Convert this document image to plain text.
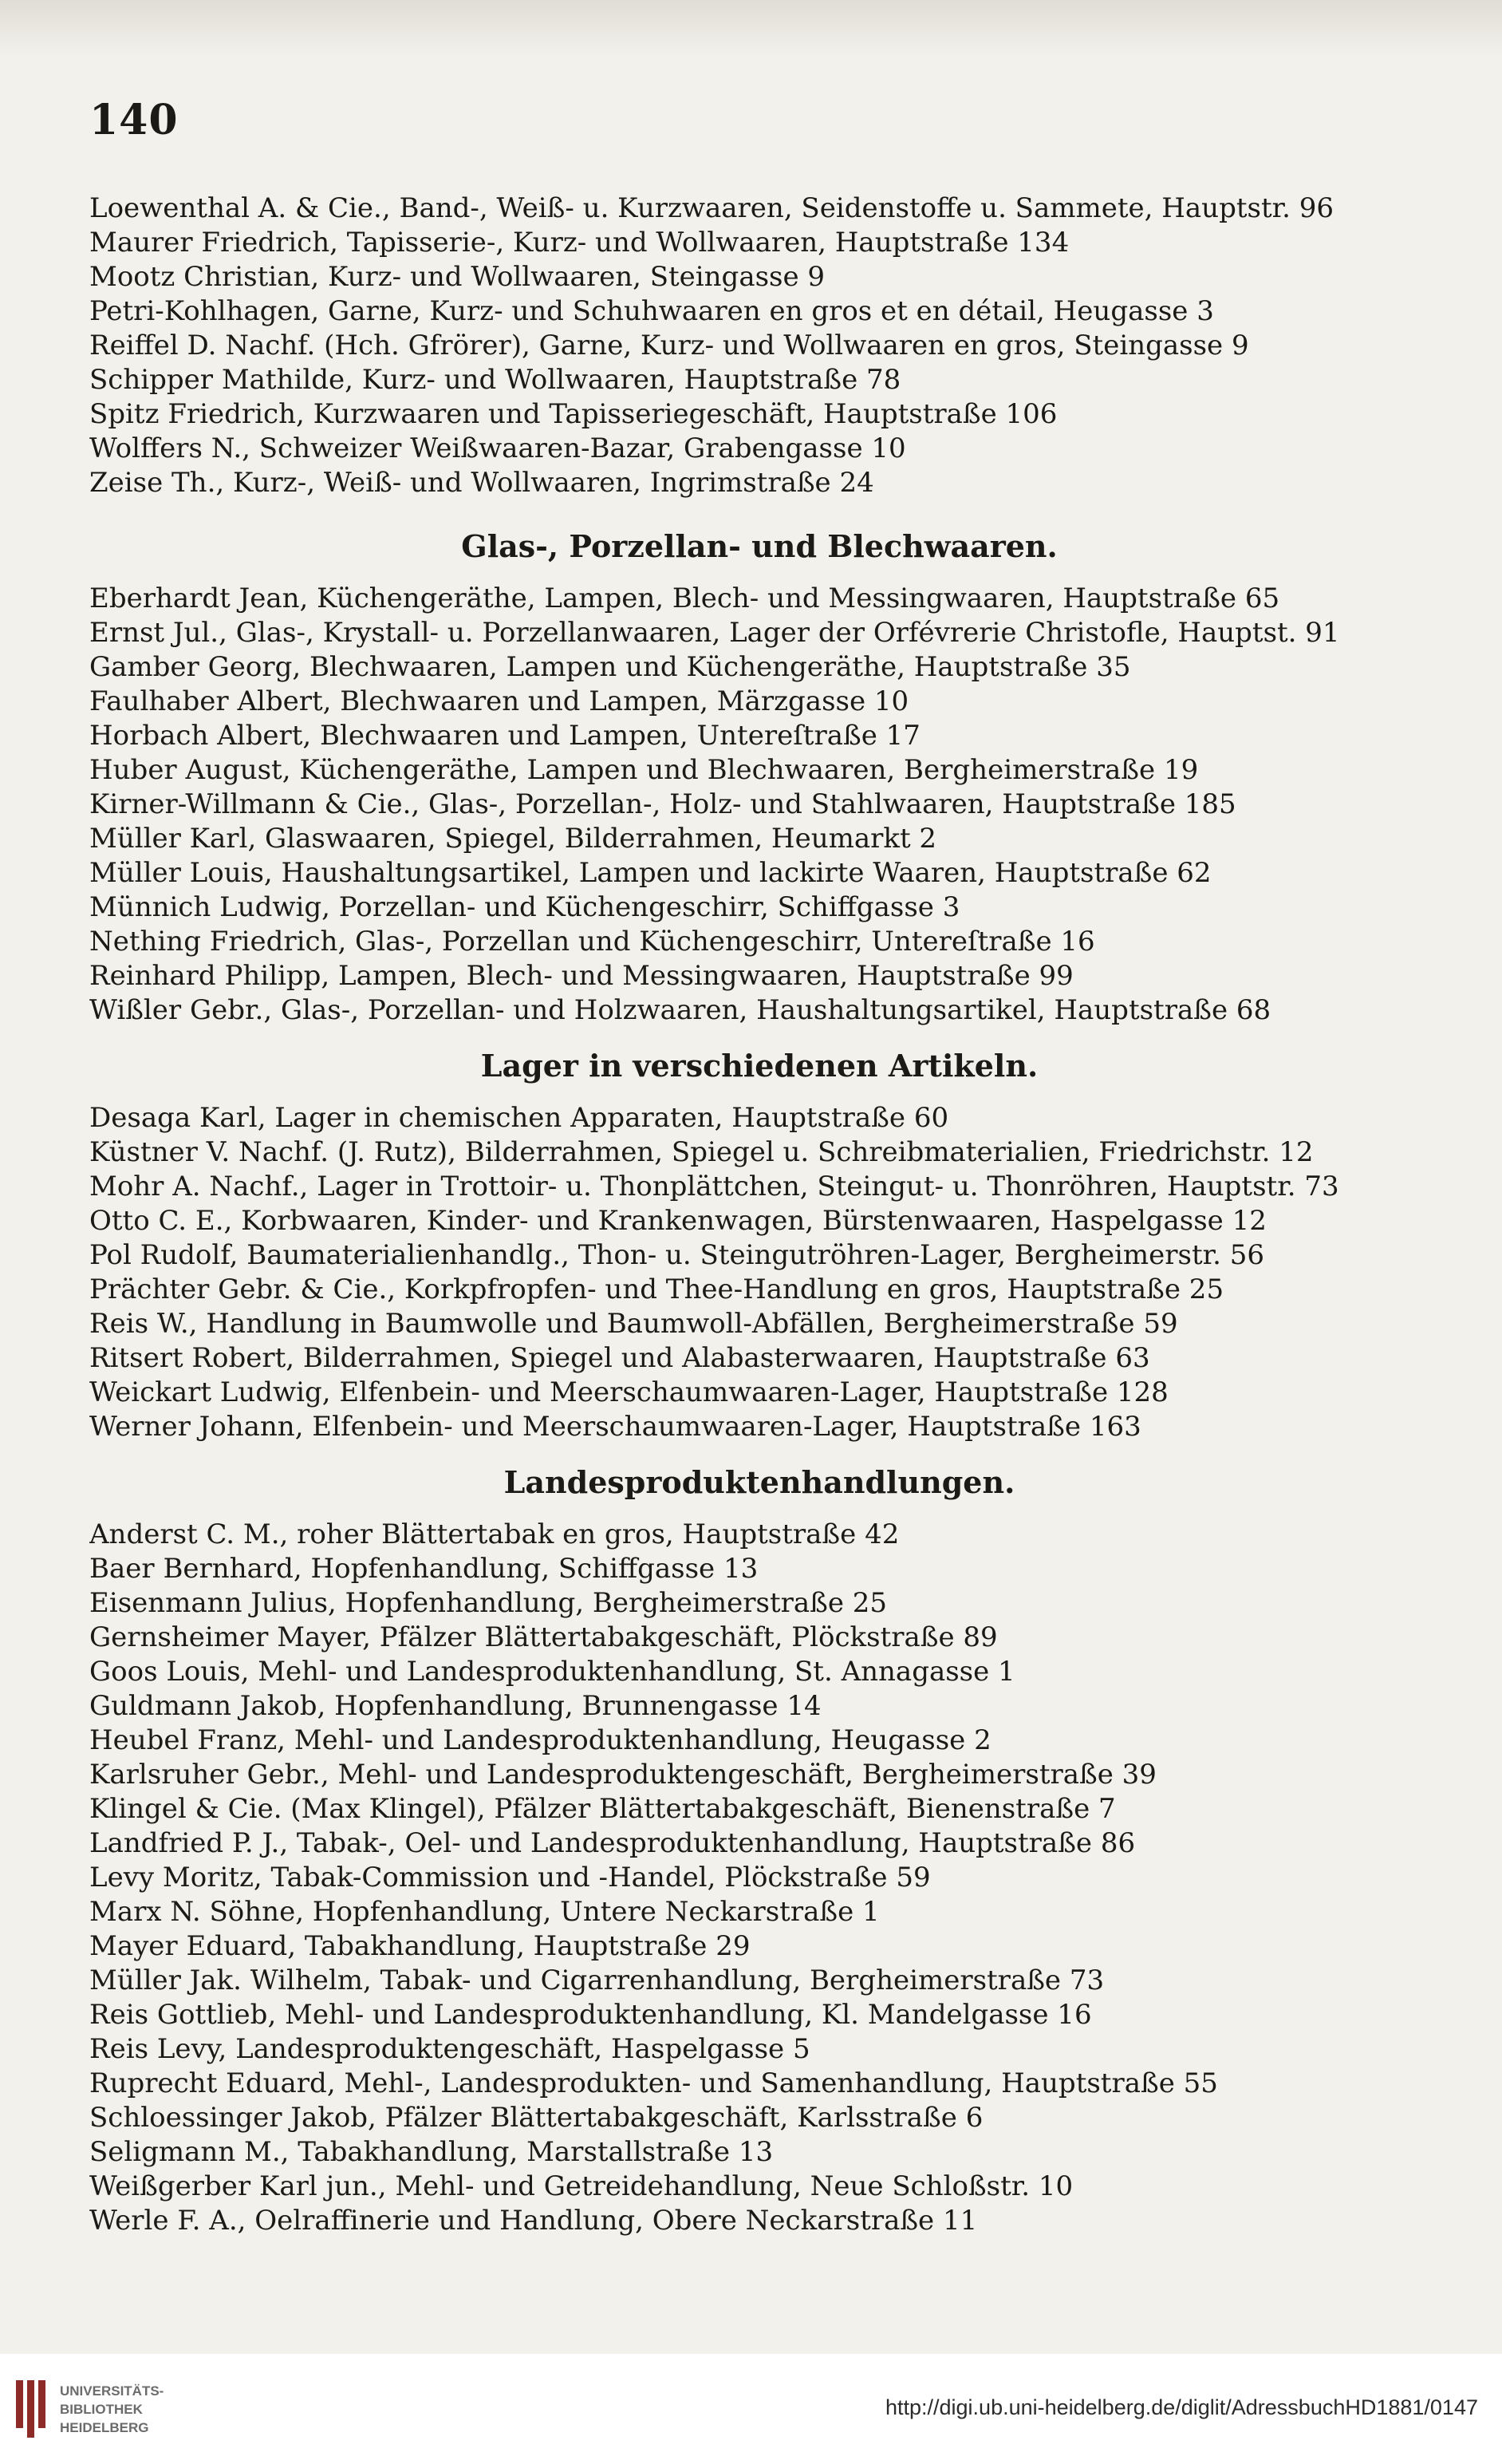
140
Loewenthal A. & Cie., Band-, Weiß- u. Kurzwaaren, Seidenstoffe u. Sammete, Hauptstr. 96
Maurer Friedrich, Tapisserie-, Kurz- und Wollwaaren, Hauptstraße 134
Mootz Christian, Kurz- und Wollwaaren, Steingasse 9
Petri-Kohlhagen, Garne, Kurz- und Schuhwaaren en gros et en détail, Heugasse 3
Reiffel D. Nachf. (Hch. Gfrörer), Garne, Kurz- und Wollwaaren en gros, Steingasse 9
Schipper Mathilde, Kurz- und Wollwaaren, Hauptstraße 78
Spitz Friedrich, Kurzwaaren und Tapisseriegeschäft, Hauptstraße 106
Wolffers N., Schweizer Weißwaaren-Bazar, Grabengasse 10
Zeise Th., Kurz-, Weiß- und Wollwaaren, Ingrimstraße 24
Glas-, Porzellan- und Blechwaaren.
Eberhardt Jean, Küchengeräthe, Lampen, Blech- und Messingwaaren, Hauptstraße 65
Ernst Jul., Glas-, Krystall- u. Porzellanwaaren, Lager der Orfévrerie Christofle, Hauptst. 91
Gamber Georg, Blechwaaren, Lampen und Küchengeräthe, Hauptstraße 35
Faulhaber Albert, Blechwaaren und Lampen, Märzgasse 10
Horbach Albert, Blechwaaren und Lampen, Untereſtraße 17
Huber August, Küchengeräthe, Lampen und Blechwaaren, Bergheimerstraße 19
Kirner-Willmann & Cie., Glas-, Porzellan-, Holz- und Stahlwaaren, Hauptstraße 185
Müller Karl, Glaswaaren, Spiegel, Bilderrahmen, Heumarkt 2
Müller Louis, Haushaltungsartikel, Lampen und lackirte Waaren, Hauptstraße 62
Münnich Ludwig, Porzellan- und Küchengeschirr, Schiffgasse 3
Nething Friedrich, Glas-, Porzellan und Küchengeschirr, Untereſtraße 16
Reinhard Philipp, Lampen, Blech- und Messingwaaren, Hauptstraße 99
Wißler Gebr., Glas-, Porzellan- und Holzwaaren, Haushaltungsartikel, Hauptstraße 68
Lager in verschiedenen Artikeln.
Desaga Karl, Lager in chemischen Apparaten, Hauptstraße 60
Küstner V. Nachf. (J. Rutz), Bilderrahmen, Spiegel u. Schreibmaterialien, Friedrichstr. 12
Mohr A. Nachf., Lager in Trottoir- u. Thonplättchen, Steingut- u. Thonröhren, Hauptstr. 73
Otto C. E., Korbwaaren, Kinder- und Krankenwagen, Bürstenwaaren, Haspelgasse 12
Pol Rudolf, Baumaterialienhandlg., Thon- u. Steingutröhren-Lager, Bergheimerstr. 56
Prächter Gebr. & Cie., Korkpfropfen- und Thee-Handlung en gros, Hauptstraße 25
Reis W., Handlung in Baumwolle und Baumwoll-Abfällen, Bergheimerstraße 59
Ritsert Robert, Bilderrahmen, Spiegel und Alabasterwaaren, Hauptstraße 63
Weickart Ludwig, Elfenbein- und Meerschaumwaaren-Lager, Hauptstraße 128
Werner Johann, Elfenbein- und Meerschaumwaaren-Lager, Hauptstraße 163
Landesproduktenhandlungen.
Anderst C. M., roher Blättertabak en gros, Hauptstraße 42
Baer Bernhard, Hopfenhandlung, Schiffgasse 13
Eisenmann Julius, Hopfenhandlung, Bergheimerstraße 25
Gernsheimer Mayer, Pfälzer Blättertabakgeschäft, Plöckstraße 89
Goos Louis, Mehl- und Landesproduktenhandlung, St. Annagasse 1
Guldmann Jakob, Hopfenhandlung, Brunnengasse 14
Heubel Franz, Mehl- und Landesproduktenhandlung, Heugasse 2
Karlsruher Gebr., Mehl- und Landesproduktengeschäft, Bergheimerstraße 39
Klingel & Cie. (Max Klingel), Pfälzer Blättertabakgeschäft, Bienenstraße 7
Landfried P. J., Tabak-, Oel- und Landesproduktenhandlung, Hauptstraße 86
Levy Moritz, Tabak-Commission und -Handel, Plöckstraße 59
Marx N. Söhne, Hopfenhandlung, Untere Neckarstraße 1
Mayer Eduard, Tabakhandlung, Hauptstraße 29
Müller Jak. Wilhelm, Tabak- und Cigarrenhandlung, Bergheimerstraße 73
Reis Gottlieb, Mehl- und Landesproduktenhandlung, Kl. Mandelgasse 16
Reis Levy, Landesproduktengeschäft, Haspelgasse 5
Ruprecht Eduard, Mehl-, Landesprodukten- und Samenhandlung, Hauptstraße 55
Schloessinger Jakob, Pfälzer Blättertabakgeschäft, Karlsstraße 6
Seligmann M., Tabakhandlung, Marstallstraße 13
Weißgerber Karl jun., Mehl- und Getreidehandlung, Neue Schloßstr. 10
Werle F. A., Oelraffinerie und Handlung, Obere Neckarstraße 11
UNIVERSITÄTS-
BIBLIOTHEK
HEIDELBERG
http://digi.ub.uni-heidelberg.de/diglit/AdressbuchHD1881/0147
